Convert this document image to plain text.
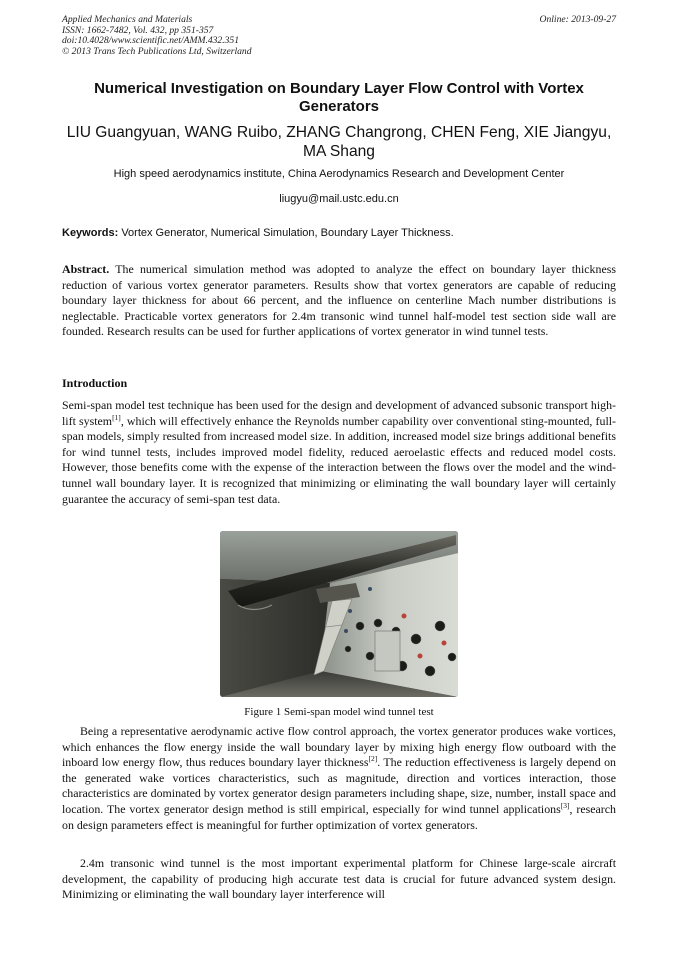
Applied Mechanics and Materials
ISSN: 1662-7482, Vol. 432, pp 351-357
doi:10.4028/www.scientific.net/AMM.432.351
© 2013 Trans Tech Publications Ltd, Switzerland
Online: 2013-09-27
Numerical Investigation on Boundary Layer Flow Control with Vortex Generators
LIU Guangyuan, WANG Ruibo, ZHANG Changrong, CHEN Feng, XIE Jiangyu, MA Shang
High speed aerodynamics institute, China Aerodynamics Research and Development Center
liugyu@mail.ustc.edu.cn
Keywords: Vortex Generator, Numerical Simulation, Boundary Layer Thickness.
Abstract. The numerical simulation method was adopted to analyze the effect on boundary layer thickness reduction of various vortex generator parameters. Results show that vortex generators are capable of reducing boundary layer thickness for about 66 percent, and the influence on centerline Mach number distributions is neglectable. Practicable vortex generators for 2.4m transonic wind tunnel half-model test section side wall are founded. Research results can be used for further applications of vortex generator in wind tunnel tests.
Introduction
Semi-span model test technique has been used for the design and development of advanced subsonic transport high-lift system[1], which will effectively enhance the Reynolds number capability over conventional sting-mounted, full-span models, simply resulted from increased model size. In addition, increased model size brings additional benefits for wind tunnel tests, includes improved model fidelity, reduced aeroelastic effects and reduced model costs. However, those benefits come with the expense of the interaction between the flows over the model and the wind-tunnel wall boundary layer. It is recognized that minimizing or eliminating the wall boundary layer will certainly guarantee the accuracy of semi-span test data.
Figure 1 Semi-span model wind tunnel test
Being a representative aerodynamic active flow control approach, the vortex generator produces wake vortices, which enhances the flow energy inside the wall boundary layer by mixing high energy flow outboard with the inboard low energy flow, thus reduces boundary layer thickness[2]. The reduction effectiveness is largely depend on the generated wake vortices characteristics, such as magnitude, direction and vortices interaction, those characteristics are dominated by vortex generator design parameters including shape, size, number, install space and location. The vortex generator design method is still empirical, especially for wind tunnel applications[3], research on design parameters effect is meaningful for further optimization of vortex generators.
2.4m transonic wind tunnel is the most important experimental platform for Chinese large-scale aircraft development, the capability of producing high accurate test data is crucial for future advanced system design. Minimizing or eliminating the wall boundary layer interference will
